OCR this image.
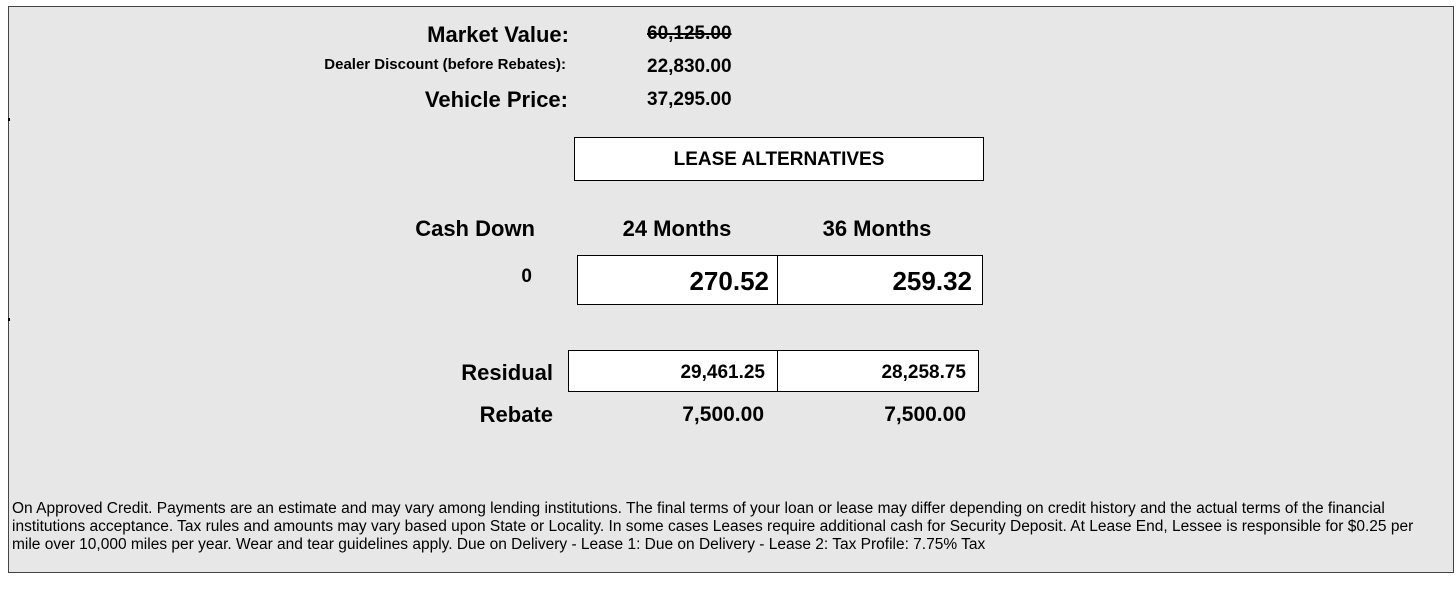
Market Value:	60,125.00
Dealer Discount (before Rebates):	22,830.00
Vehicle Price:	37,295.00
LEASE ALTERNATIVES
Cash Down	24 Months	36 Months
0	270.52	259.32
Residual	29,461.25	28,258.75
Rebate	7,500.00	7,500.00
On Approved Credit. Payments are an estimate and may vary among lending institutions. The final terms of your loan or lease may differ depending on credit history and the actual terms of the financial institutions acceptance. Tax rules and amounts may vary based upon State or Locality. In some cases Leases require additional cash for Security Deposit. At Lease End, Lessee is responsible for $0.25 per mile over 10,000 miles per year. Wear and tear guidelines apply. Due on Delivery - Lease 1: Due on Delivery - Lease 2: Tax Profile: 7.75% Tax
